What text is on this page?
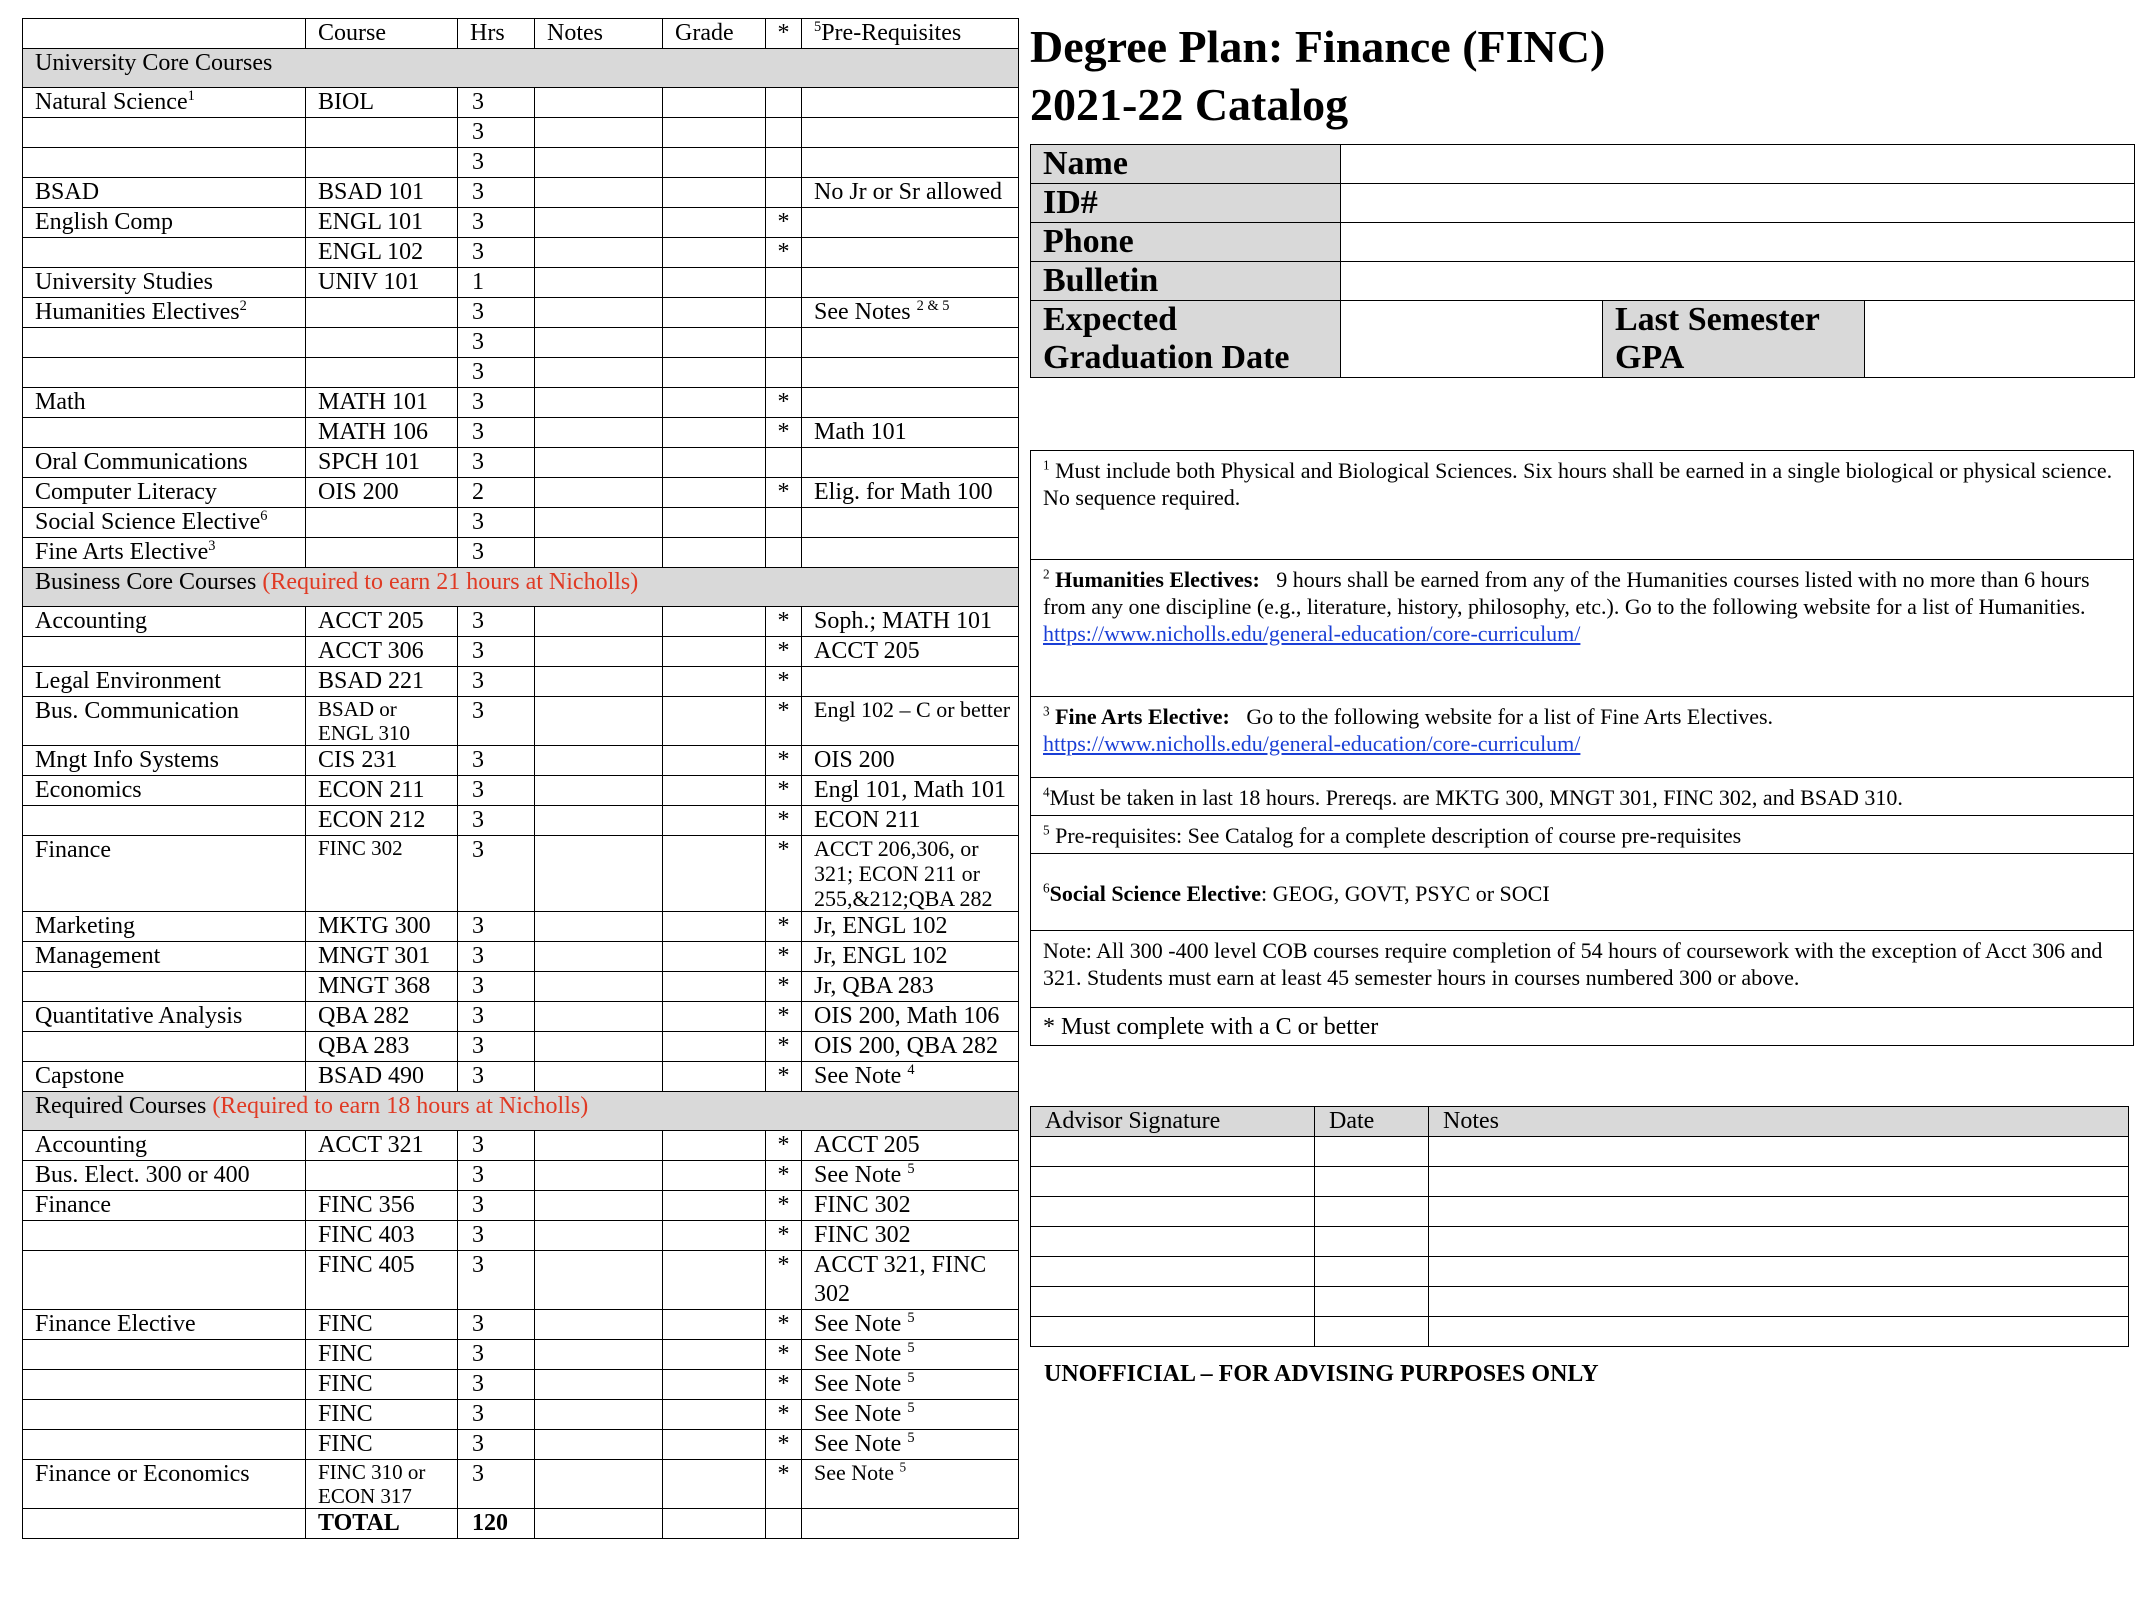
	Course	Hrs	Notes	Grade	*	$^5$Pre-Requisites
University Core Courses						
Natural Science$^1$	BIOL	3				
		3				
		3				
BSAD	BSAD 101	3				No Jr or Sr allowed
English Comp	ENGL 101	3			*	
	ENGL 102	3			*	
University Studies	UNIV 101	1				
Humanities Electives$^2$		3				See Notes $^{2 \& 5}$
		3				
		3				
Math	MATH 101	3			*	
	MATH 106	3			*	Math 101
Oral Communications	SPCH 101	3				
Computer Literacy	OIS 200	2			*	Elig. for Math 100
Social Science Elective$^6$		3				
Fine Arts Elective$^3$		3				
Business Core Courses (Required to earn 21 hours at Nicholls)						
Accounting	ACCT 205	3			*	Soph.; MATH 101
	ACCT 306	3			*	ACCT 205
Legal Environment	BSAD 221	3			*	
Bus. Communication	BSAD or ENGL 310	3			*	Engl 102 – C or better
Mngt Info Systems	CIS 231	3			*	OIS 200
Economics	ECON 211	3			*	Engl 101, Math 101
	ECON 212	3			*	ECON 211
Finance	FINC 302	3			*	ACCT 206,306, or 321; ECON 211 or 255,&212;QBA 282
Marketing	MKTG 300	3			*	Jr, ENGL 102
Management	MNGT 301	3			*	Jr, ENGL 102
	MNGT 368	3			*	Jr, QBA 283
Quantitative Analysis	QBA 282	3			*	OIS 200, Math 106
	QBA 283	3			*	OIS 200, QBA 282
Capstone	BSAD 490	3			*	See Note $^4$
Required Courses (Required to earn 18 hours at Nicholls)						
Accounting	ACCT 321	3			*	ACCT 205
Bus. Elect. 300 or 400		3			*	See Note $^5$
Finance	FINC 356	3			*	FINC 302
	FINC 403	3			*	FINC 302
	FINC 405	3			*	ACCT 321, FINC 302
Finance Elective	FINC	3			*	See Note $^5$
	FINC	3			*	See Note $^5$
	FINC	3			*	See Note $^5$
	FINC	3			*	See Note $^5$
	FINC	3			*	See Note $^5$
Finance or Economics	FINC 310 or ECON 317	3			*	See Note $^5$
	TOTAL	120				
Degree Plan: Finance (FINC)
2021-22 Catalog
Name			
ID#			
Phone			
Bulletin			
Expected
Graduation Date		Last Semester
GPA	
$^1$ Must include both Physical and Biological Sciences. Six hours shall be earned in a single biological or physical science. No sequence required.
$^2$ Humanities Electives: 9 hours shall be earned from any of the Humanities courses listed with no more than 6 hours from any one discipline (e.g., literature, history, philosophy, etc.). Go to the following website for a list of Humanities.
https://www.nicholls.edu/general-education/core-curriculum/
$^3$ Fine Arts Elective: Go to the following website for a list of Fine Arts Electives.
https://www.nicholls.edu/general-education/core-curriculum/
$^4$Must be taken in last 18 hours. Prereqs. are MKTG 300, MNGT 301, FINC 302, and BSAD 310.
$^5$ Pre-requisites: See Catalog for a complete description of course pre-requisites
$^6$Social Science Elective: GEOG, GOVT, PSYC or SOCI
Note: All 300 -400 level COB courses require completion of 54 hours of coursework with the exception of Acct 306 and 321. Students must earn at least 45 semester hours in courses numbered 300 or above.
* Must complete with a C or better
Advisor Signature	Date	Notes

UNOFFICIAL – FOR ADVISING PURPOSES ONLY
